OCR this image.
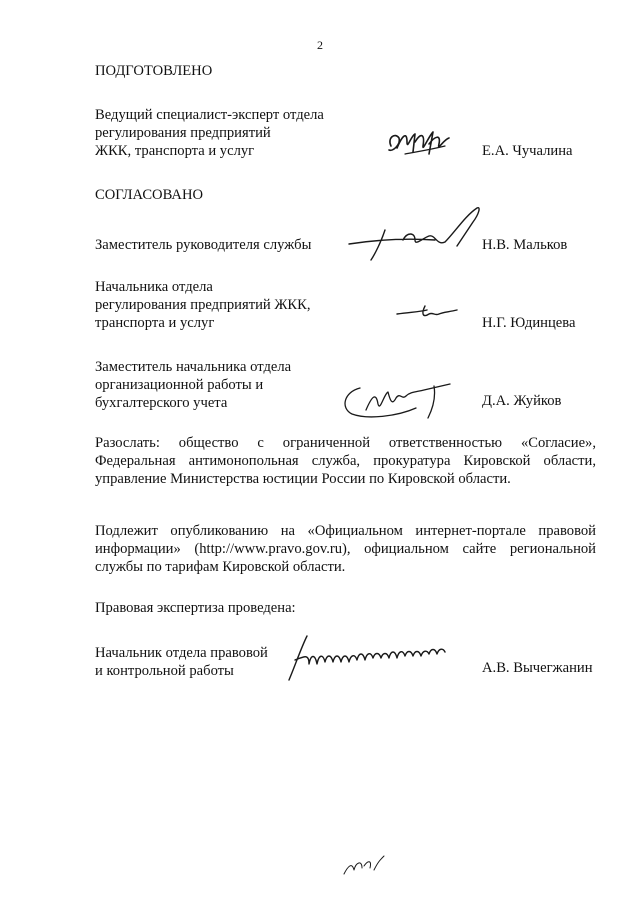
2
ПОДГОТОВЛЕНО
Ведущий специалист-эксперт отдела
регулирования предприятий
ЖКК, транспорта и услуг	Е.А. Чучалина
СОГЛАСОВАНО
Заместитель руководителя службы	Н.В. Мальков
Начальника отдела
регулирования предприятий ЖКК,
транспорта и услуг	Н.Г. Юдинцева
Заместитель начальника отдела
организационной работы и
бухгалтерского учета	Д.А. Жуйков
Разослать: общество с ограниченной ответственностью «Согласие», Федеральная антимонопольная служба, прокуратура Кировской области, управление Министерства юстиции России по Кировской области.
Подлежит опубликованию на «Официальном интернет-портале правовой информации» (http://www.pravo.gov.ru), официальном сайте региональной службы по тарифам Кировской области.
Правовая экспертиза проведена:
Начальник отдела правовой
и контрольной работы	А.В. Вычегжанин
